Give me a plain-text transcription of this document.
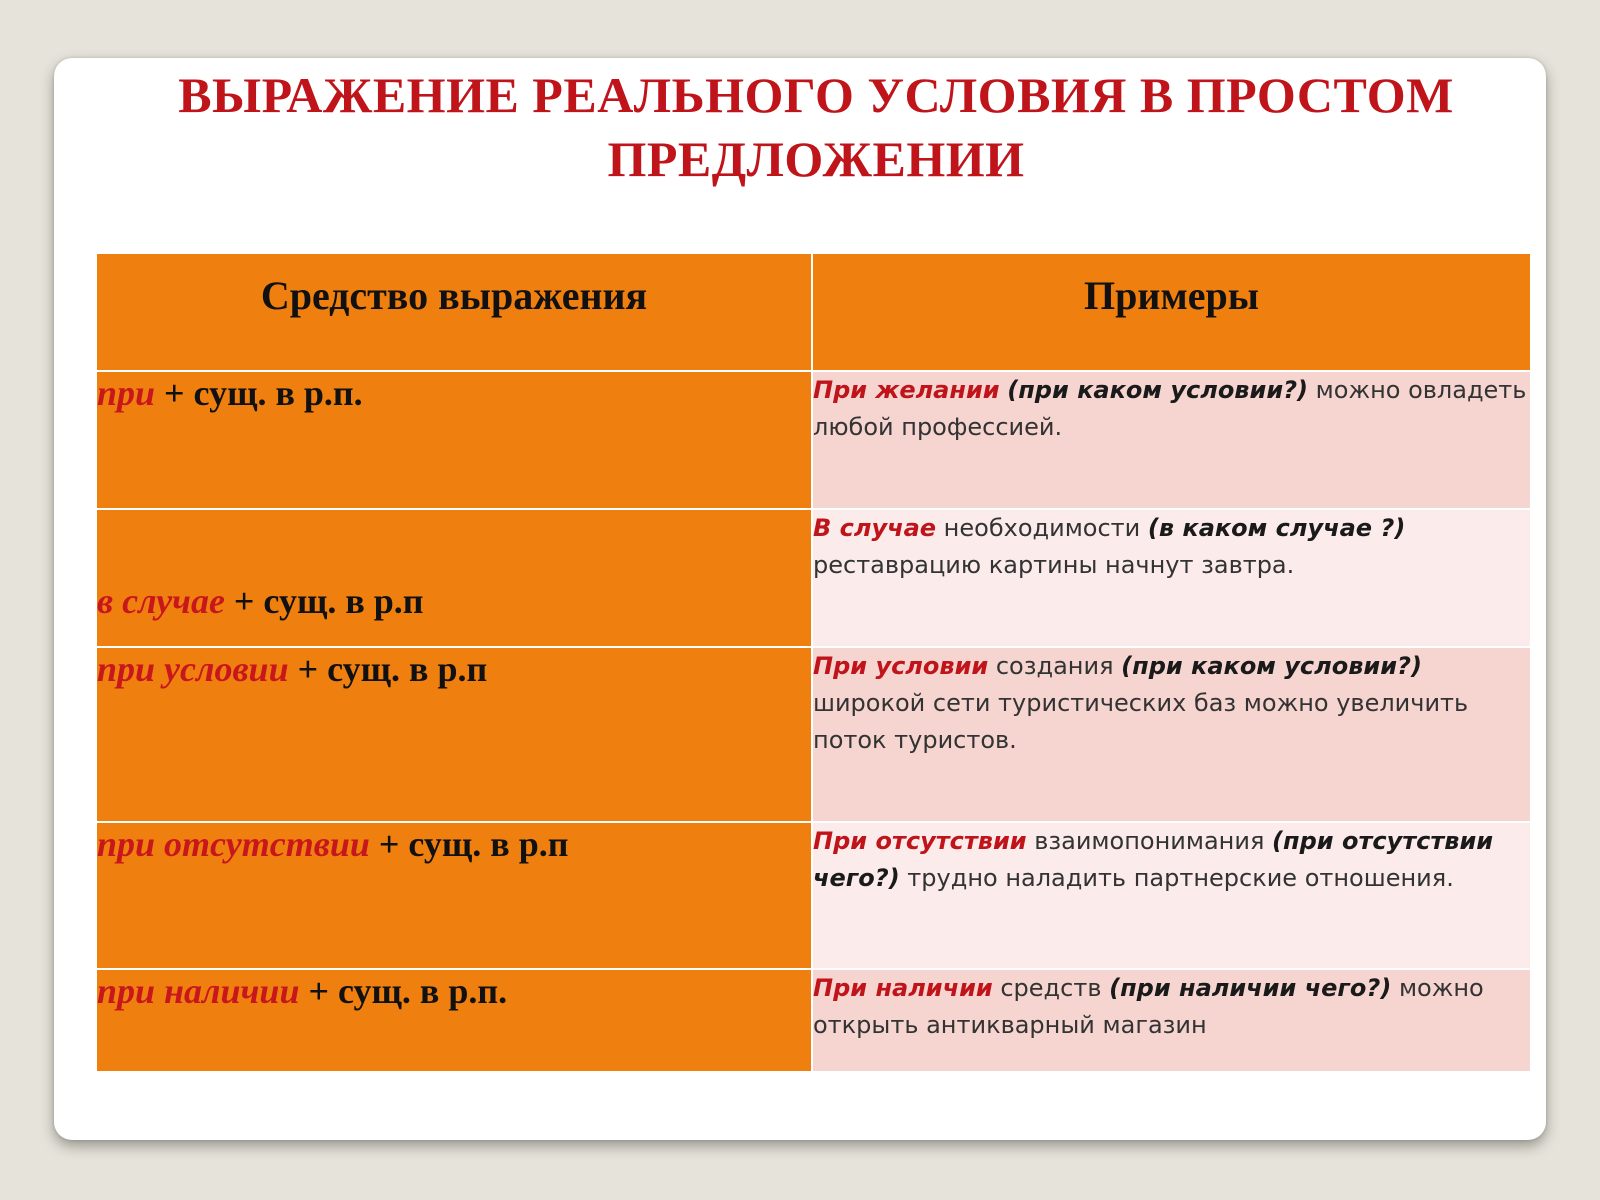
ВЫРАЖЕНИЕ РЕАЛЬНОГО УСЛОВИЯ В ПРОСТОМ
ПРЕДЛОЖЕНИИ
Средство выражения	Примеры
при + сущ. в р.п.	При желании (при каком условии?) можно овладеть любой профессией.
в случае + сущ. в р.п	В случае необходимости (в каком случае ?) реставрацию картины начнут завтра.
при условии + сущ. в р.п	При условии создания (при каком условии?) широкой сети туристических баз можно увеличить поток туристов.
при отсутствии + сущ. в р.п	При отсутствии взаимопонимания (при отсутствии чего?) трудно наладить партнерские отношения.
при наличии + сущ. в р.п.	При наличии средств (при наличии чего?) можно открыть антикварный магазин
